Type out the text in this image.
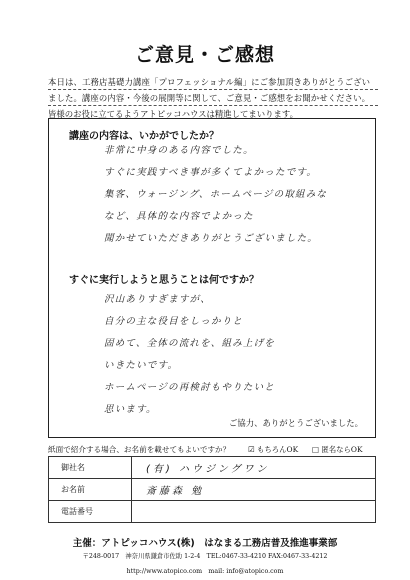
ご意見・ご感想
本日は、工務店基礎力講座「プロフェッショナル編」にご参加頂きありがとうございました。講座の内容・今後の展開等に関して、ご意見・ご感想をお聞かせください。皆様のお役に立てるようアトピッコハウスは精進してまいります。
講座の内容は、いかがでしたか？
非常に中身のある内容でした。
すぐに実践すべき事が多くてよかったです。
集客、ウォージング、ホームページの取組みな
など、具体的な内容でよかった
聞かせていただきありがとうございました。
すぐに実行しようと思うことは何ですか？
沢山ありすぎますが、
自分の主な役目をしっかりと
固めて、全体の流れを、組み上げを
いきたいです。
ホームページの再検討もやりたいと
思います。
ご協力、ありがとうございました。
紙面で紹介する場合、お名前を載せてもよいですか？ ☑ もちろんOK □ 匿名ならOK
御社名	(有) ハウジングワン
お名前	斎藤森 勉
電話番号	
主催：アトピッコハウス(株)　はなまる工務店普及推進事業部
〒248-0017　神奈川県鎌倉市佐助 1-2-4　TEL:0467-33-4210 FAX:0467-33-4212
http://www.atopico.com　mail: info@atopico.com
